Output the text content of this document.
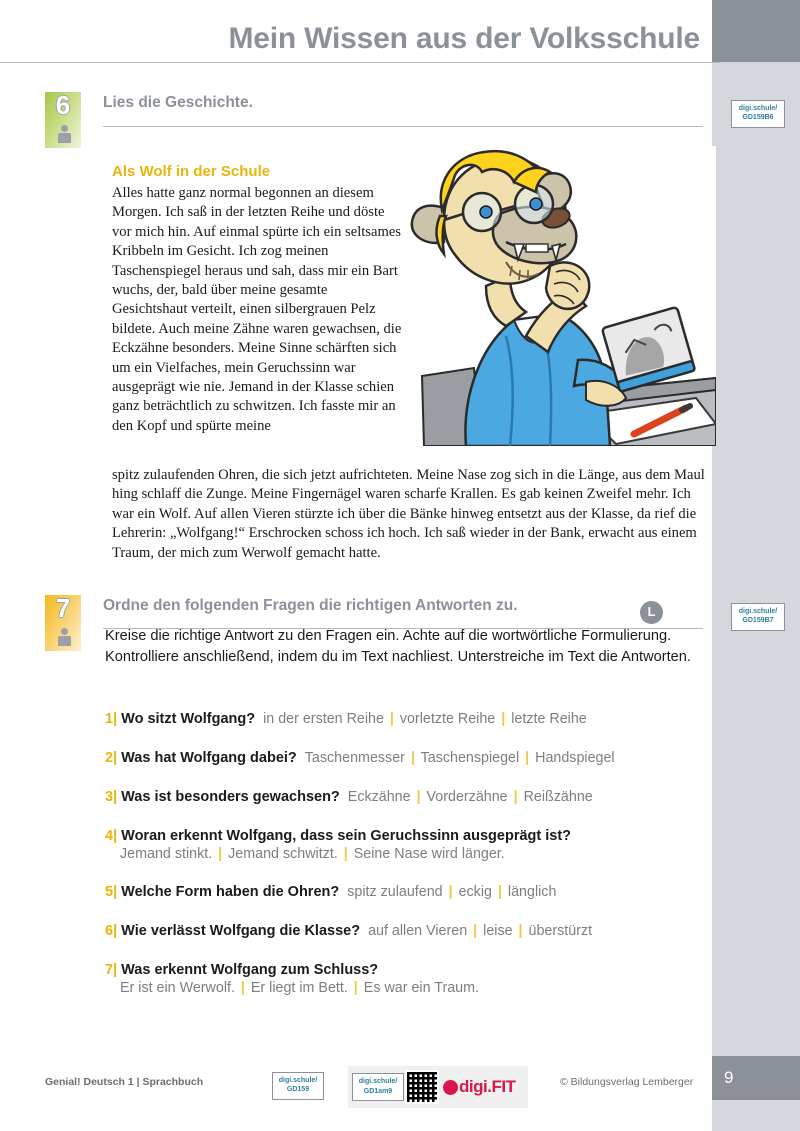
Mein Wissen aus der Volksschule
6	Lies die Geschichte.	digi.schule/
GD159B6
Als Wolf in der Schule
Alles hatte ganz normal begonnen an diesem Morgen. Ich saß in der letzten Reihe und döste vor mich hin. Auf einmal spürte ich ein seltsames Kribbeln im Gesicht. Ich zog meinen Taschenspiegel heraus und sah, dass mir ein Bart wuchs, der, bald über meine gesamte Gesichtshaut verteilt, einen silbergrauen Pelz bildete. Auch meine Zähne waren gewachsen, die Eckzähne besonders. Meine Sinne schärften sich um ein Vielfaches, mein Geruchssinn war ausgeprägt wie nie. Jemand in der Klasse schien ganz beträchtlich zu schwitzen. Ich fasste mir an den Kopf und spürte meine
spitz zulaufenden Ohren, die sich jetzt aufrichteten. Meine Nase zog sich in die Länge, aus dem Maul hing schlaff die Zunge. Meine Fingernägel waren scharfe Krallen. Es gab keinen Zweifel mehr. Ich war ein Wolf. Auf allen Vieren stürzte ich über die Bänke hinweg entsetzt aus der Klasse, da rief die Lehrerin: „Wolfgang!“ Erschrocken schoss ich hoch. Ich saß wieder in der Bank, erwacht aus einem Traum, der mich zum Werwolf gemacht hatte.
7	Ordne den folgenden Fragen die richtigen Antworten zu.	L	digi.schule/
GD159B7
Kreise die richtige Antwort zu den Fragen ein. Achte auf die wortwörtliche Formulierung. Kontrolliere anschließend, indem du im Text nachliest. Unterstreiche im Text die Antworten.
1| Wo sitzt Wolfgang? in der ersten Reihe | vorletzte Reihe | letzte Reihe
2| Was hat Wolfgang dabei? Taschenmesser | Taschenspiegel | Handspiegel
3| Was ist besonders gewachsen? Eckzähne | Vorderzähne | Reißzähne
4| Woran erkennt Wolfgang, dass sein Geruchssinn ausgeprägt ist?
Jemand stinkt. | Jemand schwitzt. | Seine Nase wird länger.
5| Welche Form haben die Ohren? spitz zulaufend | eckig | länglich
6| Wie verlässt Wolfgang die Klasse? auf allen Vieren | leise | überstürzt
7| Was erkennt Wolfgang zum Schluss?
Er ist ein Werwolf. | Er liegt im Bett. | Es war ein Traum.
Genial! Deutsch 1 | Sprachbuch	digi.schule/
GD159
digi.schule/
GD1am9	digi.FIT	© Bildungsverlag Lemberger	9
